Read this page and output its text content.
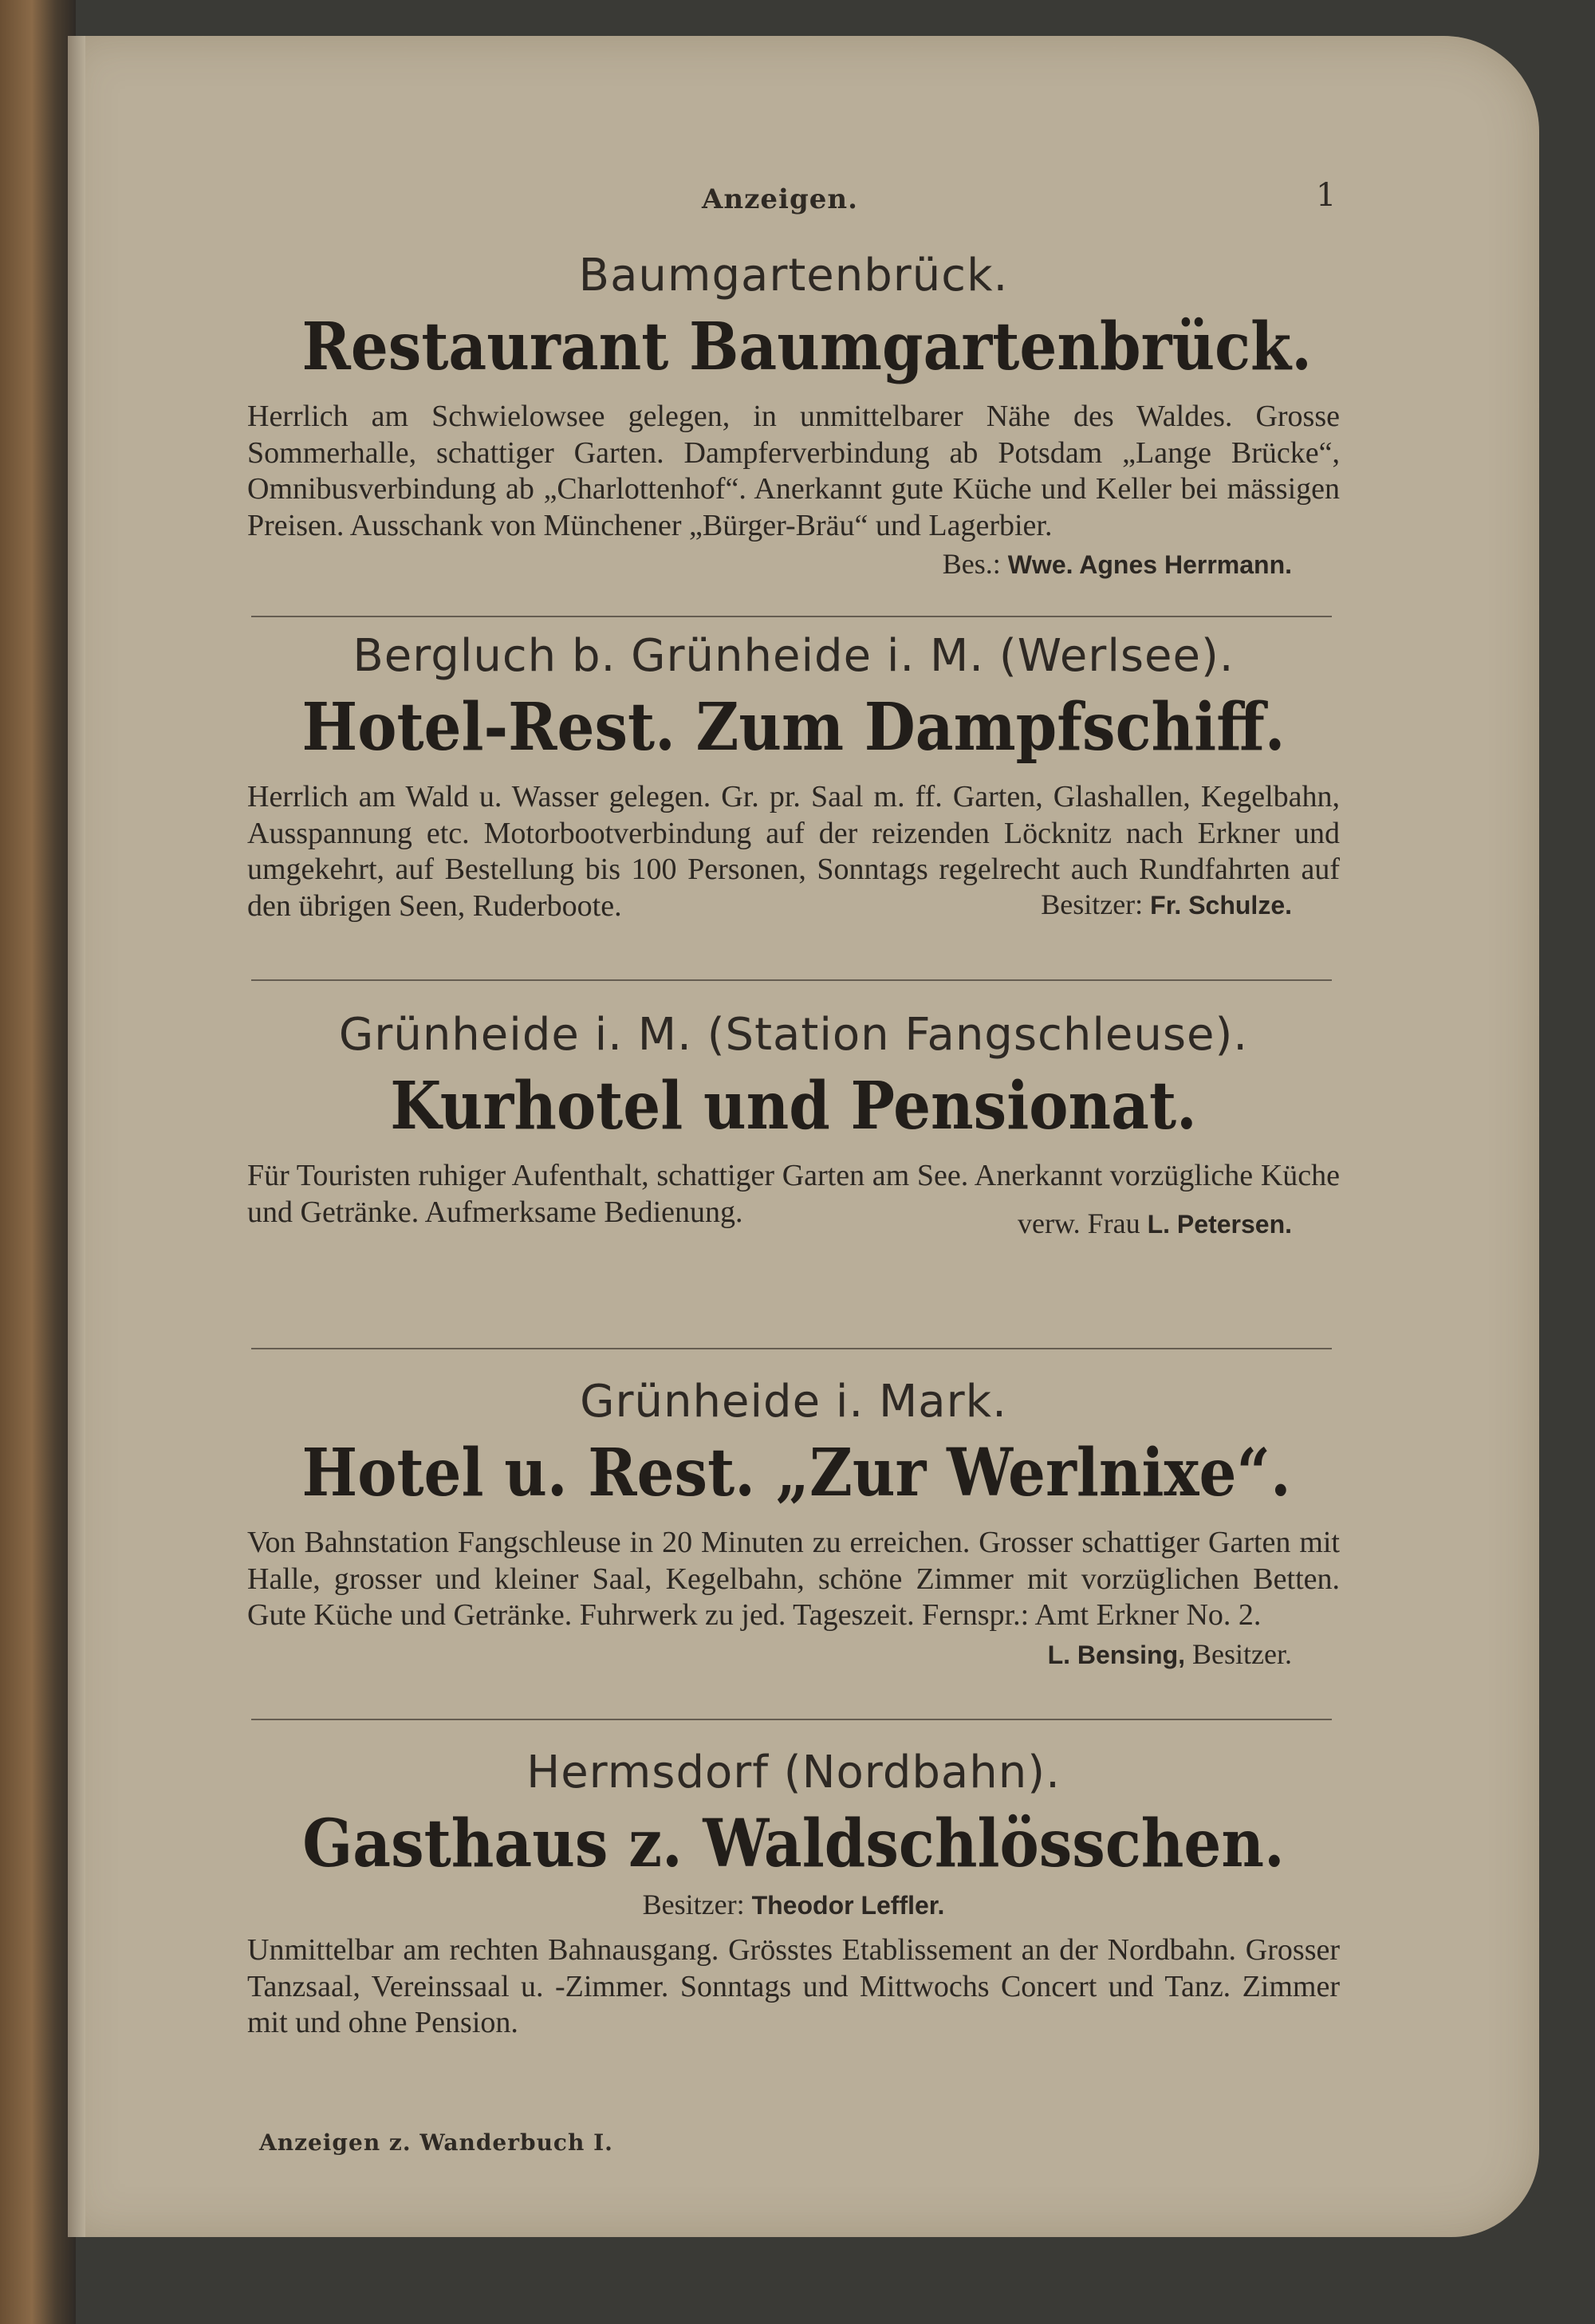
Anzeigen.	1
Baumgartenbrück.
Restaurant Baumgartenbrück.
Herrlich am Schwielowsee gelegen, in unmittelbarer Nähe des Waldes. Grosse Sommerhalle, schattiger Garten. Dampferverbindung ab Potsdam „Lange Brücke“, Omnibusverbindung ab „Charlottenhof“. Anerkannt gute Küche und Keller bei mässigen Preisen. Ausschank von Münchener „Bürger-Bräu“ und Lagerbier.
Bes.: Wwe. Agnes Herrmann.
Bergluch b. Grünheide i. M. (Werlsee).
Hotel-Rest. Zum Dampfschiff.
Herrlich am Wald u. Wasser gelegen. Gr. pr. Saal m. ff. Garten, Glashallen, Kegelbahn, Ausspannung etc. Motorbootverbindung auf der reizenden Löcknitz nach Erkner und umgekehrt, auf Bestellung bis 100 Personen, Sonntags regelrecht auch Rundfahrten auf den übrigen Seen, Ruderboote.	Besitzer: Fr. Schulze.
Grünheide i. M. (Station Fangschleuse).
Kurhotel und Pensionat.
Für Touristen ruhiger Aufenthalt, schattiger Garten am See. Anerkannt vorzügliche Küche und Getränke. Aufmerksame Bedienung.	verw. Frau L. Petersen.
Grünheide i. Mark.
Hotel u. Rest. „Zur Werlnixe“.
Von Bahnstation Fangschleuse in 20 Minuten zu erreichen. Grosser schattiger Garten mit Halle, grosser und kleiner Saal, Kegelbahn, schöne Zimmer mit vorzüglichen Betten. Gute Küche und Getränke. Fuhrwerk zu jed. Tageszeit. Fernspr.: Amt Erkner No. 2.
L. Bensing, Besitzer.
Hermsdorf (Nordbahn).
Gasthaus z. Waldschlösschen.
Besitzer: Theodor Leffler.
Unmittelbar am rechten Bahnausgang. Grösstes Etablissement an der Nordbahn. Grosser Tanzsaal, Vereinssaal u. -Zimmer. Sonntags und Mittwochs Concert und Tanz. Zimmer mit und ohne Pension.
Anzeigen z. Wanderbuch I.
